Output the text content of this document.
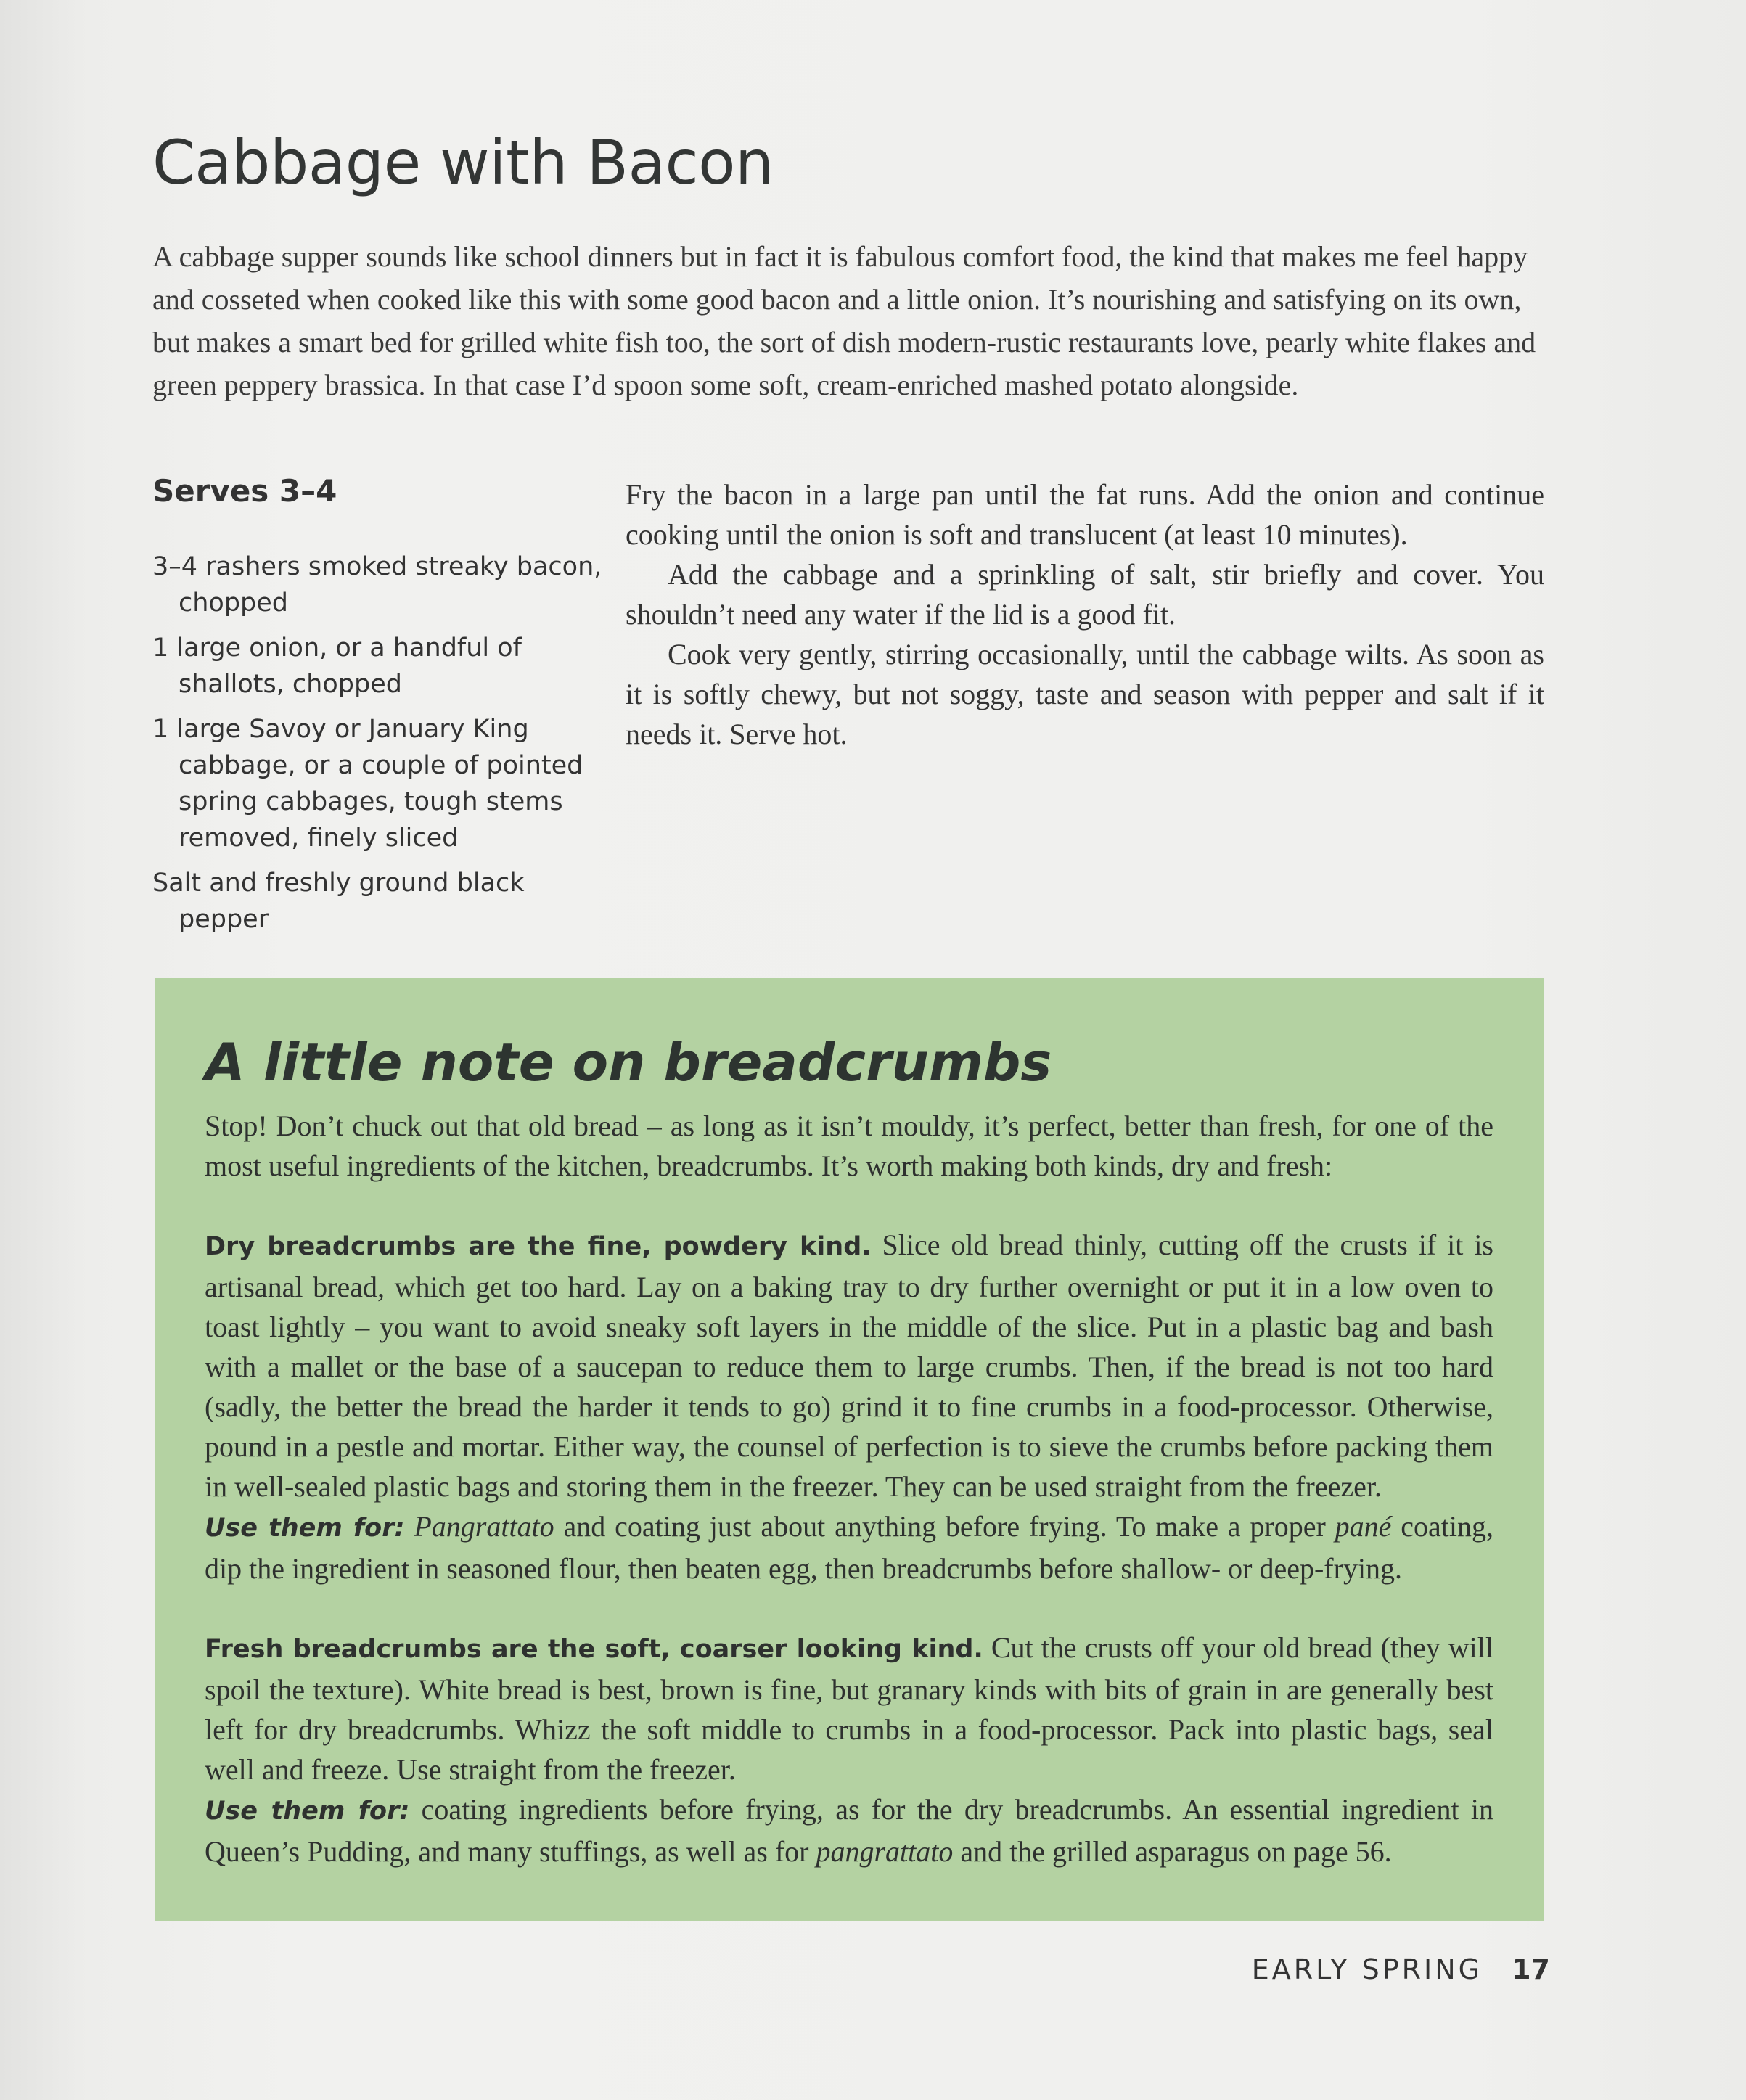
Cabbage with Bacon

A cabbage supper sounds like school dinners but in fact it is fabulous comfort food, the kind that makes me feel happy and cosseted when cooked like this with some good bacon and a little onion. It’s nourishing and satisfying on its own, but makes a smart bed for grilled white fish too, the sort of dish modern-rustic restaurants love, pearly white flakes and green peppery brassica. In that case I’d spoon some soft, cream-enriched mashed potato alongside.

Serves 3–4
3–4 rashers smoked streaky bacon, chopped
1 large onion, or a handful of shallots, chopped
1 large Savoy or January King cabbage, or a couple of pointed spring cabbages, tough stems removed, finely sliced
Salt and freshly ground black pepper

Fry the bacon in a large pan until the fat runs. Add the onion and continue cooking until the onion is soft and translucent (at least 10 minutes).

Add the cabbage and a sprinkling of salt, stir briefly and cover. You shouldn’t need any water if the lid is a good fit.

Cook very gently, stirring occasionally, until the cabbage wilts. As soon as it is softly chewy, but not soggy, taste and season with pepper and salt if it needs it. Serve hot.

A little note on breadcrumbs

Stop! Don’t chuck out that old bread – as long as it isn’t mouldy, it’s perfect, better than fresh, for one of the most useful ingredients of the kitchen, breadcrumbs. It’s worth making both kinds, dry and fresh:

Dry breadcrumbs are the fine, powdery kind. Slice old bread thinly, cutting off the crusts if it is artisanal bread, which get too hard. Lay on a baking tray to dry further overnight or put it in a low oven to toast lightly – you want to avoid sneaky soft layers in the middle of the slice. Put in a plastic bag and bash with a mallet or the base of a saucepan to reduce them to large crumbs. Then, if the bread is not too hard (sadly, the better the bread the harder it tends to go) grind it to fine crumbs in a food-processor. Otherwise, pound in a pestle and mortar. Either way, the counsel of perfection is to sieve the crumbs before packing them in well-sealed plastic bags and storing them in the freezer. They can be used straight from the freezer.

Use them for: Pangrattato and coating just about anything before frying. To make a proper pané coating, dip the ingredient in seasoned flour, then beaten egg, then breadcrumbs before shallow- or deep-frying.

Fresh breadcrumbs are the soft, coarser looking kind. Cut the crusts off your old bread (they will spoil the texture). White bread is best, brown is fine, but granary kinds with bits of grain in are generally best left for dry breadcrumbs. Whizz the soft middle to crumbs in a food-processor. Pack into plastic bags, seal well and freeze. Use straight from the freezer.

Use them for: coating ingredients before frying, as for the dry breadcrumbs. An essential ingredient in Queen’s Pudding, and many stuffings, as well as for pangrattato and the grilled asparagus on page 56.

EARLY SPRING 17
